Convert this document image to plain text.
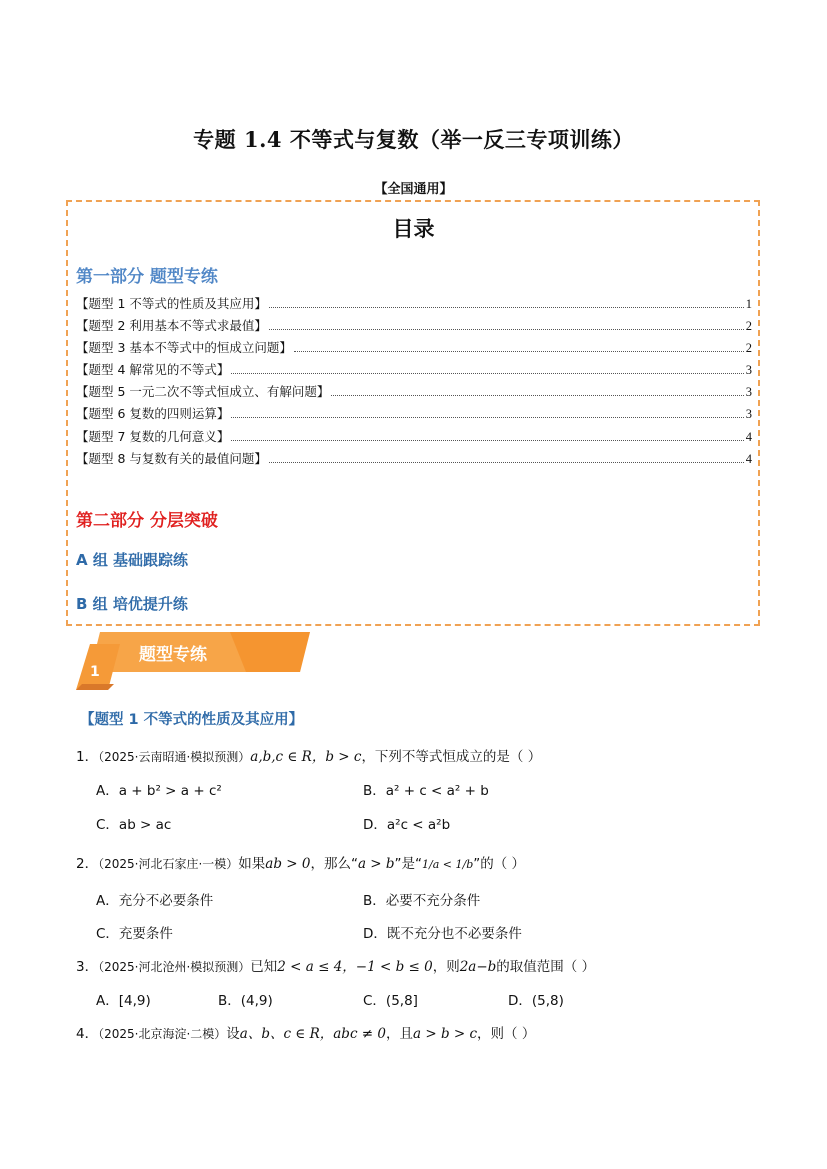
专题 1.4 不等式与复数（举一反三专项训练）
【全国通用】
目录
第一部分 题型专练
【题型 1 不等式的性质及其应用】	1
【题型 2 利用基本不等式求最值】	2
【题型 3 基本不等式中的恒成立问题】	2
【题型 4 解常见的不等式】	3
【题型 5 一元二次不等式恒成立、有解问题】	3
【题型 6 复数的四则运算】	3
【题型 7 复数的几何意义】	4
【题型 8 与复数有关的最值问题】	4
第二部分 分层突破
A 组 基础跟踪练
B 组 培优提升练
题型专练
1
【题型 1 不等式的性质及其应用】
1．（2025·云南昭通·模拟预测）a,b,c ∈ R，b > c，下列不等式恒成立的是（ ）
A．a + b² > a + c²	B．a² + c < a² + b
C．ab > ac	D．a²c < a²b
2．（2025·河北石家庄·一模）如果ab > 0，那么“a > b”是“1/a < 1/b”的（ ）
A．充分不必要条件	B．必要不充分条件
C．充要条件	D．既不充分也不必要条件
3．（2025·河北沧州·模拟预测）已知2 < a ≤ 4，−1 < b ≤ 0，则2a−b的取值范围（ ）
A．[4,9)	B．(4,9)	C．(5,8]	D．(5,8)
4．（2025·北京海淀·二模）设a、b、c ∈ R，abc ≠ 0，且a > b > c，则（ ）
